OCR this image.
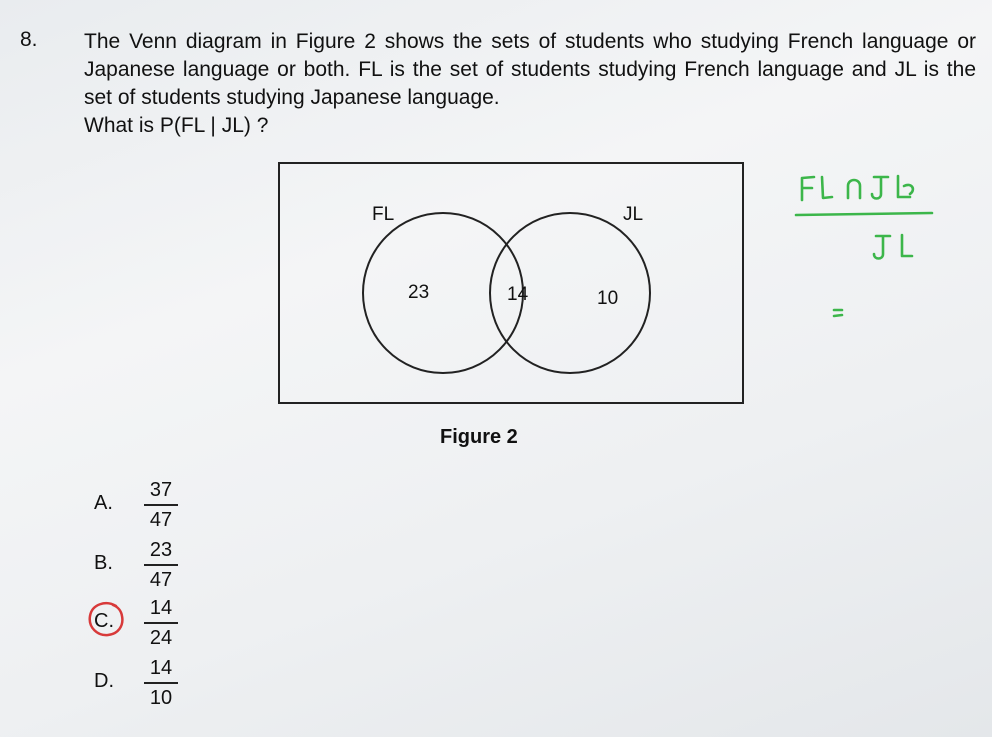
8. The Venn diagram in Figure 2 shows the sets of students who studying French language or Japanese language or both. FL is the set of students studying French language and JL is the set of students studying Japanese language.

What is P(FL | JL) ?

FL	JL
23	14	10
Figure 2
A.
37
47
B.
23
47
C.
14
24
D.
14
10
